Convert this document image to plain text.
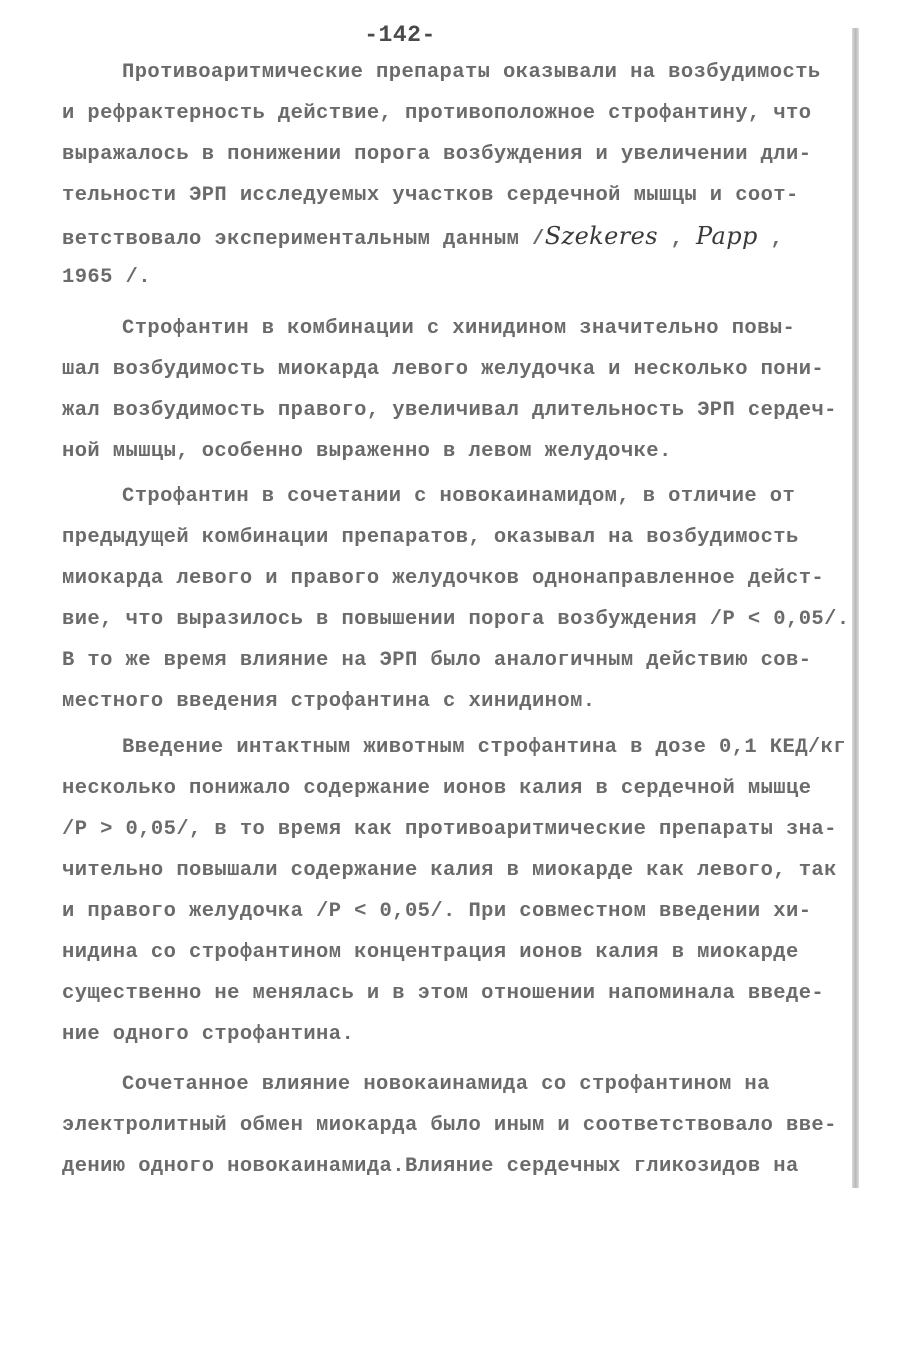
-142-
Противоаритмические препараты оказывали на возбудимость
и рефрактерность действие, противоположное строфантину, что
выражалось в понижении порога возбуждения и увеличении дли-
тельности ЭРП исследуемых участков сердечной мышцы и соот-
ветствовало экспериментальным данным /Szekeres , Papp ,
1965 /.
Строфантин в комбинации с хинидином значительно повы-
шал возбудимость миокарда левого желудочка и несколько пони-
жал возбудимость правого, увеличивал длительность ЭРП сердеч-
ной мышцы, особенно выраженно в левом желудочке.
Строфантин в сочетании с новокаинамидом, в отличие от
предыдущей комбинации препаратов, оказывал на возбудимость
миокарда левого и правого желудочков однонаправленное дейст-
вие, что выразилось в повышении порога возбуждения /Р < 0,05/.
В то же время влияние на ЭРП было аналогичным действию сов-
местного введения строфантина с хинидином.
Введение интактным животным строфантина в дозе 0,1 КЕД/кг
несколько понижало содержание ионов калия в сердечной мышце
/Р > 0,05/, в то время как противоаритмические препараты зна-
чительно повышали содержание калия в миокарде как левого, так
и правого желудочка /Р < 0,05/. При совместном введении хи-
нидина со строфантином концентрация ионов калия в миокарде
существенно не менялась и в этом отношении напоминала введе-
ние одного строфантина.
Сочетанное влияние новокаинамида со строфантином на
электролитный обмен миокарда было иным и соответствовало вве-
дению одного новокаинамида.Влияние сердечных гликозидов на
